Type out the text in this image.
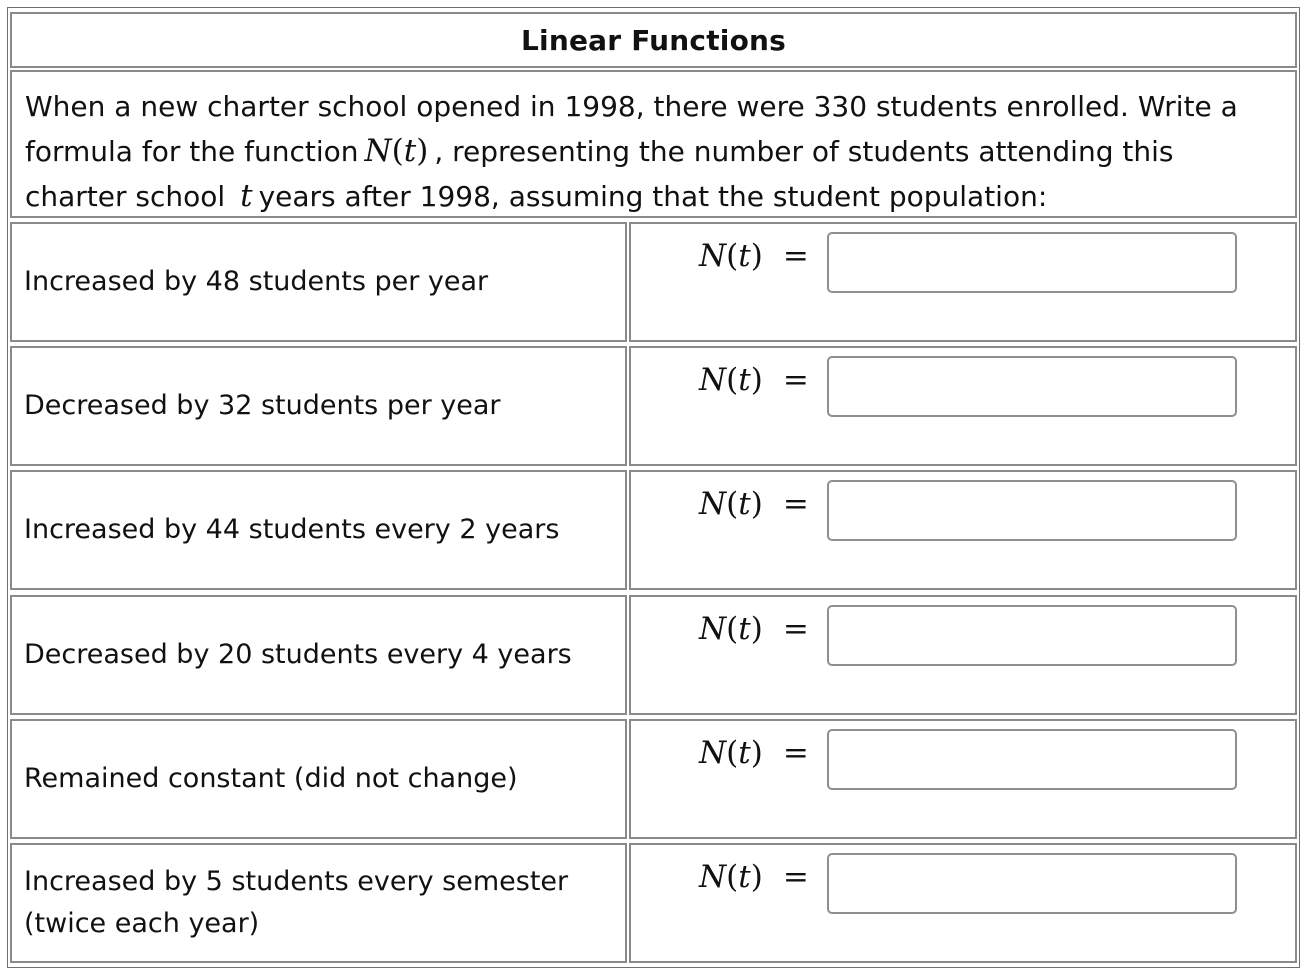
Linear Functions
When a new charter school opened in 1998, there were 330 students enrolled. Write a formula for the function N(t) , representing the number of students attending this charter school t years after 1998, assuming that the student population:
Increased by 48 students per year
N(t) =
Decreased by 32 students per year
N(t) =
Increased by 44 students every 2 years
N(t) =
Decreased by 20 students every 4 years
N(t) =
Remained constant (did not change)
N(t) =
Increased by 5 students every semester (twice each year)
N(t) =
